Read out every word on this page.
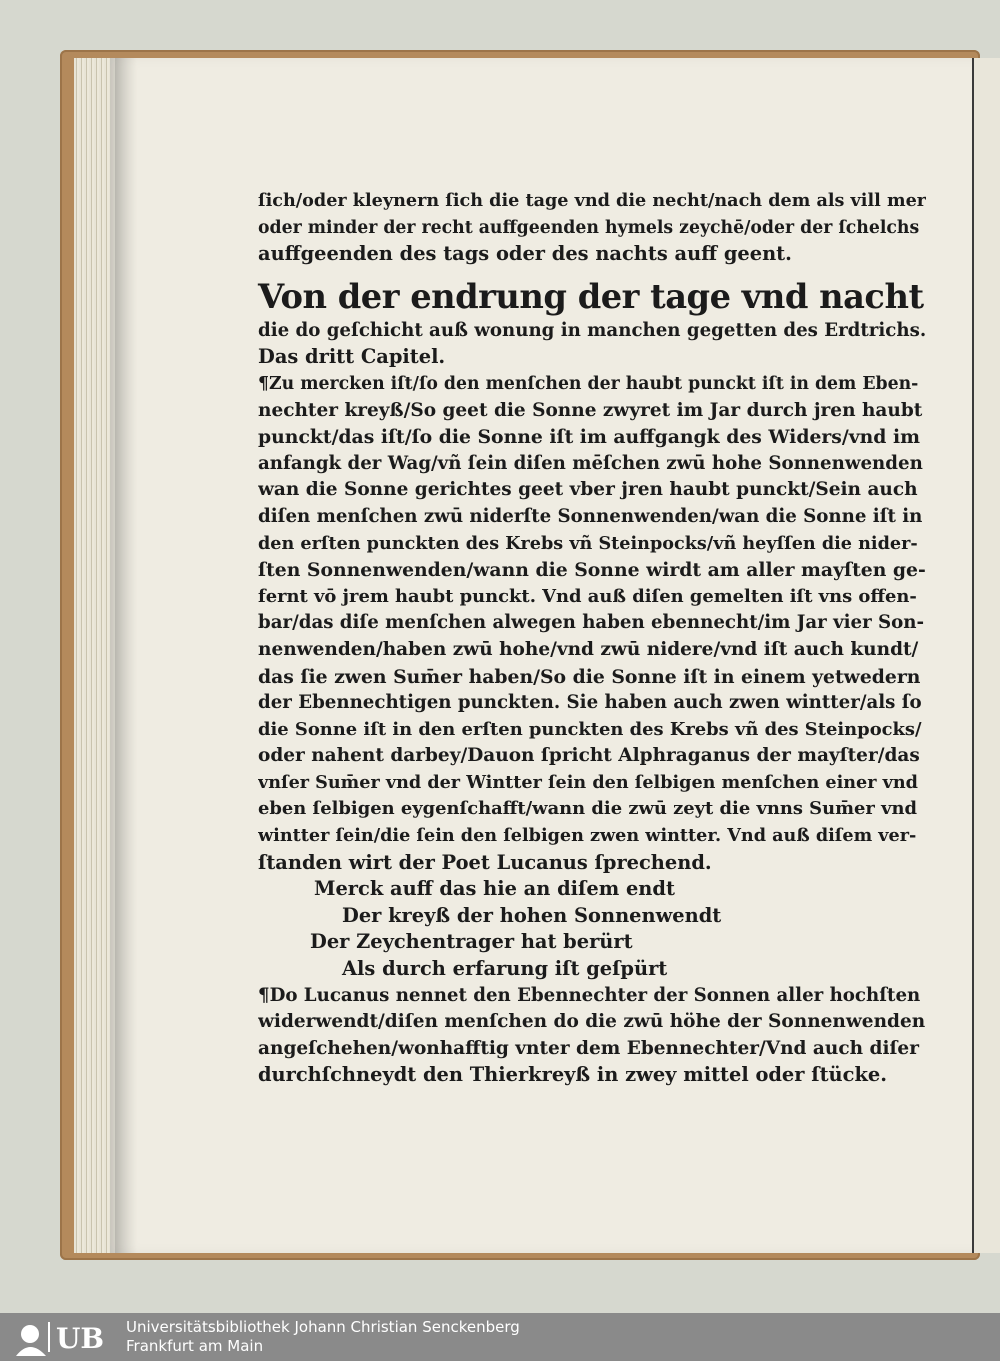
ſich/oder kleynern ſich die tage vnd die necht/nach dem als vill mer
oder minder der recht auffgeenden hymels zeychē/oder der ſchelchs
auffgeenden des tags oder des nachts auff geent.
Von der endrung der tage vnd nacht
die do geſchicht auß wonung in manchen gegetten des Erdtrichs.
Das dritt Capitel.
¶Zu mercken iſt/ſo den menſchen der haubt punckt iſt in dem Eben-
nechter kreyß/So geet die Sonne zwyret im Jar durch jren haubt
punckt/das iſt/ſo die Sonne iſt im auffgangk des Widers/vnd im
anfangk der Wag/vñ ſein diſen mēſchen zwū hohe Sonnenwenden
wan die Sonne gerichtes geet vber jren haubt punckt/Sein auch
diſen menſchen zwū niderſte Sonnenwenden/wan die Sonne iſt in
den erſten punckten des Krebs vñ Steinpocks/vñ heyſſen die nider-
ſten Sonnenwenden/wann die Sonne wirdt am aller mayſten ge-
fernt vō jrem haubt punckt. Vnd auß diſen gemelten iſt vns offen-
bar/das diſe menſchen alwegen haben ebennecht/im Jar vier Son-
nenwenden/haben zwū hohe/vnd zwū nidere/vnd iſt auch kundt/
das ſie zwen Sum̄er haben/So die Sonne iſt in einem yetwedern
der Ebennechtigen punckten. Sie haben auch zwen wintter/als ſo
die Sonne iſt in den erſten punckten des Krebs vñ des Steinpocks/
oder nahent darbey/Dauon ſpricht Alphraganus der mayſter/das
vnſer Sum̄er vnd der Wintter ſein den ſelbigen menſchen einer vnd
eben ſelbigen eygenſchafft/wann die zwū zeyt die vnns Sum̄er vnd
wintter ſein/die ſein den ſelbigen zwen wintter. Vnd auß diſem ver-
ſtanden wirt der Poet Lucanus ſprechend.
Merck auff das hie an diſem endt
Der kreyß der hohen Sonnenwendt
Der Zeychentrager hat berürt
Als durch erfarung iſt geſpürt
¶Do Lucanus nennet den Ebennechter der Sonnen aller hochſten
widerwendt/diſen menſchen do die zwū höhe der Sonnenwenden
angeſchehen/wonhafftig vnter dem Ebennechter/Vnd auch diſer
durchſchneydt den Thierkreyß in zwey mittel oder ſtücke.
UB Universitätsbibliothek Johann Christian Senckenberg
Frankfurt am Main
